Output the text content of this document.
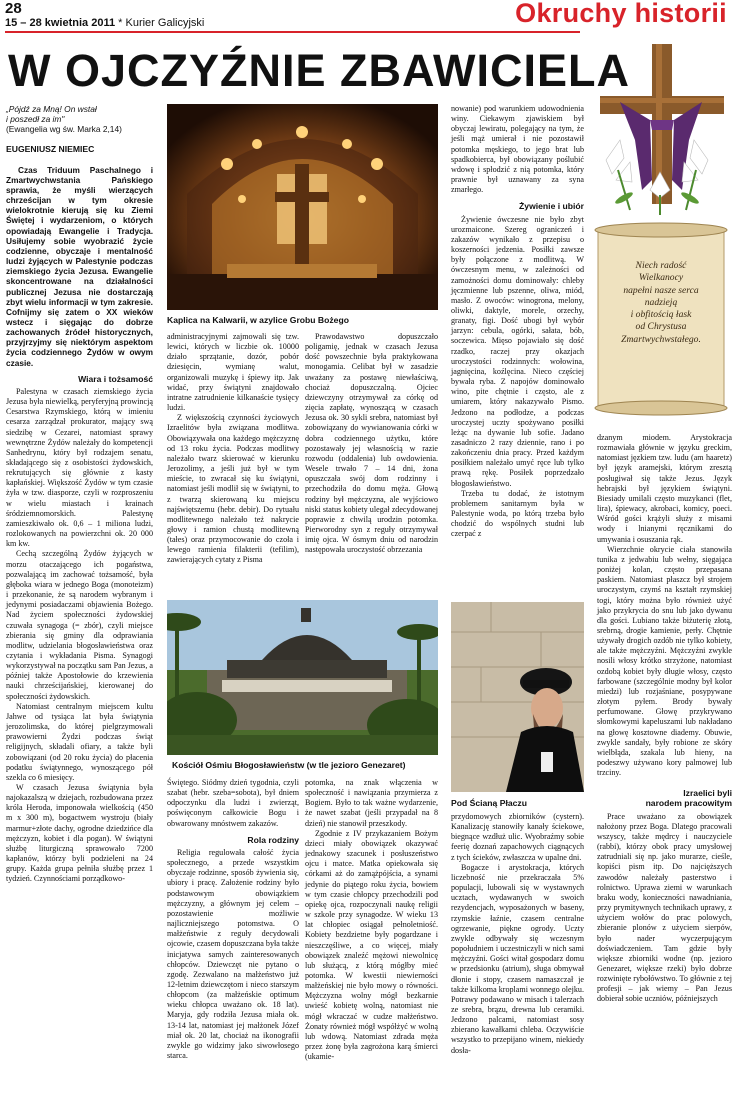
28
15 – 28 kwietnia 2011 * Kurier Galicyjski	Okruchy historii
W OJCZYŹNIE ZBAWICIELA
Niech radość
Wielkanocy
napełni nasze serca
nadzieją
i obfitością łask
od Chrystusa
Zmartwychwstałego.
„Pójdź za Mną! On wstał
i poszedł za im"
(Ewangelia wg św. Marka 2,14)
EUGENIUSZ NIEMIEC
Czas Triduum Paschalnego i Zmartwychwstania Pańskiego sprawia, że myśli wierzących chrześcijan w tym okresie wielokrotnie kierują się ku Ziemi Świętej i wydarzeniom, o których opowiadają Ewangelie i Tradycja. Usiłujemy sobie wyobrazić życie codzienne, obyczaje i mentalność ludzi żyjących w Palestynie podczas ziemskiego życia Jezusa. Ewangelie skoncentrowane na działalności publicznej Jezusa nie dostarczają zbyt wielu informacji w tym zakresie. Cofnijmy się zatem o XX wieków wstecz i sięgając do dobrze zachowanych źródeł historycznych, przyjrzyjmy się niektórym aspektom życia codziennego Żydów w owym czasie.
Wiara i tożsamość

Palestyna w czasach ziemskiego życia Jezusa była niewielką, peryferyjną prowincją Cesarstwa Rzymskiego, którą w imieniu cesarza zarządzał prokurator, mający swą siedzibę w Cezarei, natomiast sprawy wewnętrzne Żydów należały do kompetencji Sanhedrynu, który był rodzajem senatu, składającego się z osobistości żydowskich, rekrutujących się głównie z kasty kapłańskiej. Większość Żydów w tym czasie żyła w tzw. diasporze, czyli w rozproszeniu w wielu miastach i krainach śródziemnomorskich. Palestynę zamieszkiwało ok. 0,6 – 1 miliona ludzi, rozlokowanych na powierzchni ok. 20 000 km kw.

Cechą szczególną Żydów żyjących w morzu otaczającego ich pogaństwa, pozwalającą im zachować tożsamość, była głęboka wiara w jednego Boga (monoteizm) i przekonanie, że są narodem wybranym i jedynymi posiadaczami objawienia Bożego. Nad życiem społeczności żydowskiej czuwała synagoga (= zbór), czyli miejsce zbierania się gminy dla odprawiania modlitw, udzielania błogosławieństwa oraz czytania i wykładania Pisma. Synagogi wykorzystywał na początku sam Pan Jezus, a później także Apostołowie do krzewienia nauki chrześcijańskiej, kierowanej do społeczności żydowskich.

Natomiast centralnym miejscem kultu Jahwe od tysiąca lat była świątynia jerozolimska, do której pielgrzymowali prawowierni Żydzi podczas świąt religijnych, składali ofiary, a także byli zobowiązani (od 20 roku życia) do płacenia podatku świątynnego, wynoszącego pół szekla co 6 miesięcy.

W czasach Jezusa świątynia była najokazalszą w dziejach, rozbudowana przez króla Heroda, imponowała wielkością (450 m x 300 m), bogactwem wystroju (biały marmur+złote dachy, ogrodne dziedzińce dla mężczyzn, kobiet i dla pogan). W świątyni służbę liturgiczną sprawowało 7200 kapłanów, którzy byli podzieleni na 24 grupy. Każda grupa pełniła służbę przez 1 tydzień. Czynnościami porządkowo-

Kaplica na Kalwarii, w azylice Grobu Bożego

administracyjnymi zajmowali się tzw. lewici, których w liczbie ok. 10000 działo sprzątanie, dozór, pobór dziesięcin, wymianę walut, organizowali muzykę i śpiewy itp. Jak widać, przy świątyni znajdowało intratne zatrudnienie kilkanaście tysięcy ludzi.

Z większością czynności życiowych Izraelitów była związana modlitwa. Obowiązywała ona każdego mężczyznę od 13 roku życia. Podczas modlitwy należało twarz skierować w kierunku Jerozolimy, a jeśli już był w tym mieście, to zwracał się ku świątyni, natomiast jeśli modlił się w świątyni, to z twarzą skierowaną ku miejscu najświętszemu (hebr. debir). Do rytuału modlitewnego należało też nakrycie głowy i ramion chustą modlitewną (tałes) oraz przymocowanie do czoła i lewego ramienia filakterii (tefilim), zawierających cytaty z Pisma

Prawodawstwo dopuszczało poligamię, jednak w czasach Jezusa dość powszechnie była praktykowana monogamia. Celibat był w zasadzie uważany za postawę niewłaściwą, chociaż dopuszczalną. Ojciec dziewczyny otrzymywał za córkę od zięcia zapłatę, wynoszącą w czasach Jezusa ok. 30 sykli srebra, natomiast był zobowiązany do wywianowania córki w dobra codziennego użytku, które pozostawały jej własnością w razie rozwodu (oddalenia) lub owdowienia. Wesele trwało 7 – 14 dni, żona opuszczała swój dom rodzinny i przechodziła do domu męża. Głową rodziny był mężczyzna, ale wyjściowo niski status kobiety ulegał zdecydowanej poprawie z chwilą urodzin potomka. Pierworodny syn z reguły otrzymywał imię ojca. W ósmym dniu od narodzin następowała uroczystość obrzezania

nowanie) pod warunkiem udowodnienia winy. Ciekawym zjawiskiem był obyczaj lewiratu, polegający na tym, że jeśli mąż umierał i nie pozostawił potomka męskiego, to jego brat lub spadkobierca, był obowiązany poślubić wdowę i spłodzić z nią potomka, który prawnie był uznawany za syna zmarłego.

Żywienie i ubiór

Żywienie ówczesne nie było zbyt urozmaicone. Szereg ograniczeń i zakazów wynikało z przepisu o koszerności jedzenia. Posiłki zawsze były połączone z modlitwą. W ówczesnym menu, w zależności od zamożności domu dominowały: chleby jęczmienne lub pszenne, oliwa, miód, masło. Z owoców: winogrona, melony, oliwki, daktyle, morele, orzechy, granaty, figi. Dość ubogi był wybór jarzyn: cebula, ogórki, sałata, bób, soczewica. Mięso pojawiało się dość rzadko, raczej przy okazjach uroczystości rodzinnych: wołowina, jagnięcina, koźlęcina. Nieco częściej bywała ryba. Z napojów dominowało wino, pite chętnie i często, ale z umiarem, który nakazywało Pismo. Jedzono na podłodze, a podczas uroczystej uczty spożywano posiłki leżąc na dywanie lub sofie. Jadano zasadniczo 2 razy dziennie, rano i po zakończeniu dnia pracy. Przed każdym posiłkiem należało umyć ręce lub tylko prawą rękę. Posiłek poprzedzało błogosławieństwo.

Trzeba tu dodać, że istotnym problemem sanitarnym była w Palestynie woda, po którą trzeba było chodzić do wspólnych studni lub czerpać z

Kościół Ośmiu Błogosławieństw (w tle jezioro Genezaret)

Świętego. Siódmy dzień tygodnia, czyli szabat (hebr. szeba=sobota), był dniem odpoczynku dla ludzi i zwierząt, poświęconym całkowicie Bogu i obwarowany mnóstwem zakazów.

Rola rodziny

Religia regulowała całość życia społecznego, a przede wszystkim obyczaje rodzinne, sposób żywienia się, ubiory i pracę. Założenie rodziny było podstawowym obowiązkiem mężczyzny, a głównym jej celem – pozostawienie możliwie najliczniejszego potomstwa. O małżeństwie z reguły decydowali ojcowie, czasem dopuszczana była także inicjatywa samych zainteresowanych chłopców. Dziewczęt nie pytano o zgodę. Zezwalano na małżeństwo już 12-letnim dziewczętom i nieco starszym chłopcom (za małżeńskie optimum wieku chłopca uważano ok. 18 lat). Maryja, gdy rodziła Jezusa miała ok. 13-14 lat, natomiast jej małżonek Józef miał ok. 20 lat, chociaż na ikonografii zwykle go widzimy jako siwowłosego starca.

potomka, na znak włączenia w społeczność i nawiązania przymierza z Bogiem. Było to tak ważne wydarzenie, że nawet szabat (jeśli przypadał na 8 dzień) nie stanowił przeszkody.

Zgodnie z IV przykazaniem Bożym dzieci miały obowiązek okazywać jednakowy szacunek i posłuszeństwo ojcu i matce. Matka opiekowała się córkami aż do zamążpójścia, a synami jedynie do piątego roku życia, bowiem w tym czasie chłopcy przechodzili pod opiekę ojca, rozpoczynali naukę religii w szkole przy synagodze. W wieku 13 lat chłopiec osiągał pełnoletniość. Kobiety bezdzietne były pogardzane i nieszczęśliwe, a co więcej, miały obowiązek znaleźć mężowi niewolnicę lub służącą, z którą mógłby mieć potomka. W kwestii niewierności małżeńskiej nie było mowy o równości. Mężczyzna wolny mógł bezkarnie uwieść kobietę wolną, natomiast nie mógł wkraczać w cudze małżeństwo. Żonaty również mógł współżyć w wolną lub wdową. Natomiast zdrada męża przez żonę była zagrożona karą śmierci (ukamie-

Pod Ścianą Płaczu

przydomowych zbiorników (cystern). Kanalizację stanowiły kanały ściekowe, biegnące wzdłuż ulic. Wyobraźmy sobie feerię doznań zapachowych ciągnących z tych ścieków, zwłaszcza w upalne dni.

Bogacze i arystokracja, których liczebność nie przekraczała 5% populacji, lubowali się w wystawnych ucztach, wydawanych w swoich rezydencjach, wyposażonych w baseny, rzymskie łaźnie, czasem centralne ogrzewanie, piękne ogrody. Uczty zwykle odbywały się wczesnym popołudniem i uczestniczyli w nich sami mężczyźni. Gości witał gospodarz domu w przedsionku (atrium), sługa obmywał dłonie i stopy, czasem namaszczał je także kilkoma kroplami wonnego olejku. Potrawy podawano w misach i talerzach ze srebra, brązu, drewna lub ceramiki. Jedzono palcami, natomiast sosy zbierano kawałkami chleba. Oczywiście wszystko to przepijano winem, niekiedy dosła-

dzanym miodem. Arystokracja rozmawiała głównie w języku greckim, natomiast jęzkiem tzw. ludu (am haaretz) był język aramejski, którym zresztą posługiwał się także Jezus. Język hebrajski był językiem świątyni. Biesiady umilali często muzykanci (flet, lira), śpiewacy, akrobaci, komicy, poeci. Wśród gości krążyli służy z misami wody i lnianymi ręcznikami do umywania i osuszania rąk.

Wierzchnie okrycie ciała stanowiła tunika z jedwabiu lub wełny, sięgająca poniżej kolan, często przepasana paskiem. Natomiast płaszcz był strojem uroczystym, czymś na kształt rzymskiej togi, który można było również użyć jako przykrycia do snu lub jako dywanu dla gości. Lubiano także biżuterię złotą, srebrną, drogie kamienie, perły. Chętnie używały drogich ozdób nie tylko kobiety, ale także mężczyźni. Mężczyźni zwykle nosili włosy krótko strzyżone, natomiast ozdobą kobiet były długie włosy, często farbowane (szczególnie modny był kolor miedzi) lub rozjaśniane, posypywane złotym pyłem. Brody bywały perfumowane. Głowę przykrywano słomkowymi kapeluszami lub nakładano na głowę kosztowne diademy. Obuwie, zwykle sandały, były robione ze skóry wielbłąda, szakala lub hieny, na podeszwy używano kory palmowej lub trzciny.

Izraelici byli
narodem pracowitym

Prace uważano za obowiązek nałożony przez Boga. Dlatego pracowali wszyscy, także mędrcy i nauczyciele (rabbi), którzy obok pracy umysłowej zatrudniali się np. jako murarze, cieśle, kopiści pism itp. Do najcięższych zawodów należały pasterstwo i rolnictwo. Uprawa ziemi w warunkach braku wody, konieczności nawadniania, przy prymitywnych technikach uprawy, z użyciem wołów do prac polowych, zbieranie plonów z użyciem sierpów, było nader wyczerpującym doświadczeniem. Tam gdzie były większe zbiorniki wodne (np. jezioro Genezaret, większe rzeki) było dobrze rozwinięte rybołówstwo. To głównie z tej profesji – jak wiemy – Pan Jezus dobierał sobie uczniów, późniejszych
